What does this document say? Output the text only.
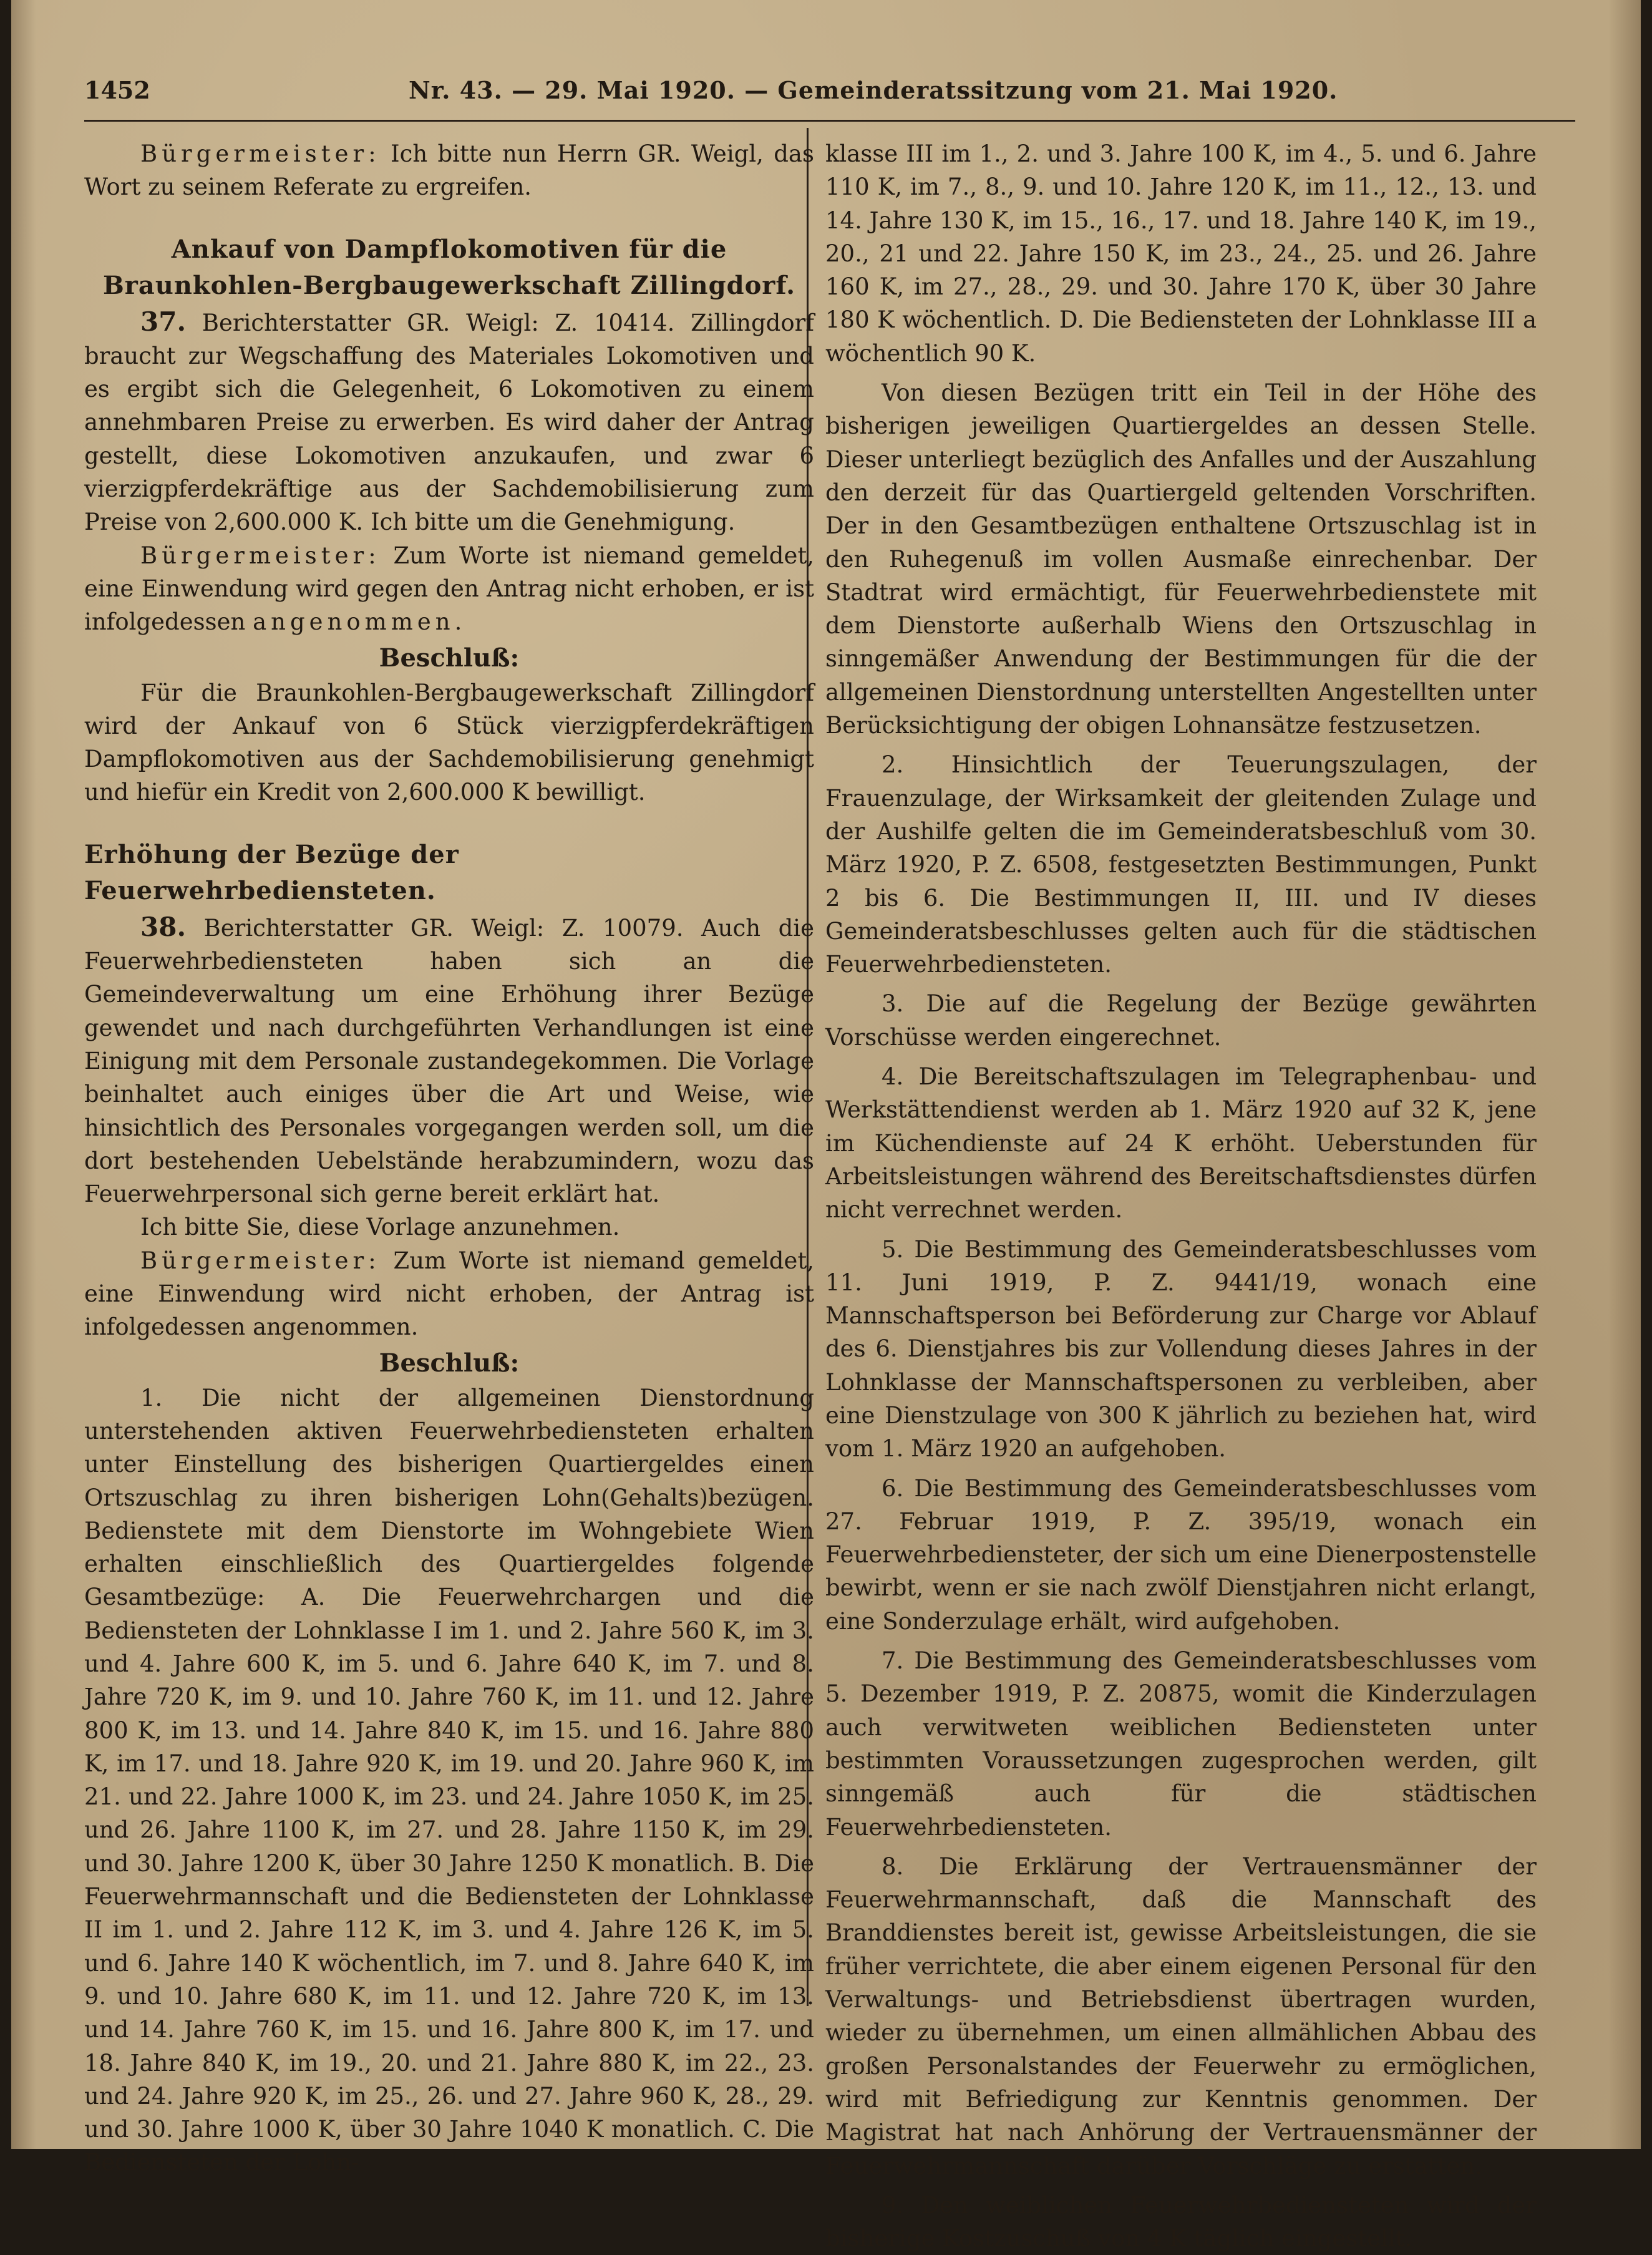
1452	Nr. 43. — 29. Mai 1920. — Gemeinderatssitzung vom 21. Mai 1920.

Bürgermeister: Ich bitte nun Herrn GR. Weigl, das Wort zu seinem Referate zu ergreifen.

Ankauf von Dampflokomotiven für die Braunkohlen-Bergbaugewerkschaft Zillingdorf.

37. Berichterstatter GR. Weigl: Z. 10414. Zillingdorf braucht zur Wegschaffung des Materiales Lokomotiven und es ergibt sich die Gelegenheit, 6 Lokomotiven zu einem annehmbaren Preise zu erwerben. Es wird daher der Antrag gestellt, diese Lokomotiven anzukaufen, und zwar 6 vierzigpferdekräftige aus der Sachdemobilisierung zum Preise von 2,600.000 K. Ich bitte um die Genehmigung.

Bürgermeister: Zum Worte ist niemand gemeldet, eine Einwendung wird gegen den Antrag nicht erhoben, er ist infolgedessen angenommen.

Beschluß:

Für die Braunkohlen-Bergbaugewerkschaft Zillingdorf wird der Ankauf von 6 Stück vierzigpferdekräftigen Dampflokomotiven aus der Sachdemobilisierung genehmigt und hiefür ein Kredit von 2,600.000 K bewilligt.

Erhöhung der Bezüge der Feuerwehrbediensteten.

38. Berichterstatter GR. Weigl: Z. 10079. Auch die Feuerwehrbediensteten haben sich an die Gemeindeverwaltung um eine Erhöhung ihrer Bezüge gewendet und nach durchgeführten Verhandlungen ist eine Einigung mit dem Personale zustandegekommen. Die Vorlage beinhaltet auch einiges über die Art und Weise, wie hinsichtlich des Personales vorgegangen werden soll, um die dort bestehenden Uebelstände herabzumindern, wozu das Feuerwehrpersonal sich gerne bereit erklärt hat.

Ich bitte Sie, diese Vorlage anzunehmen.

Bürgermeister: Zum Worte ist niemand gemeldet, eine Einwendung wird nicht erhoben, der Antrag ist infolgedessen angenommen.

Beschluß:

1. Die nicht der allgemeinen Dienstordnung unterstehenden aktiven Feuerwehrbediensteten erhalten unter Einstellung des bisherigen Quartiergeldes einen Ortszuschlag zu ihren bisherigen Lohn(Gehalts)bezügen. Bedienstete mit dem Dienstorte im Wohngebiete Wien erhalten einschließlich des Quartiergeldes folgende Gesamtbezüge: A. Die Feuerwehrchargen und die Bediensteten der Lohnklasse I im 1. und 2. Jahre 560 K, im 3. und 4. Jahre 600 K, im 5. und 6. Jahre 640 K, im 7. und 8. Jahre 720 K, im 9. und 10. Jahre 760 K, im 11. und 12. Jahre 800 K, im 13. und 14. Jahre 840 K, im 15. und 16. Jahre 880 K, im 17. und 18. Jahre 920 K, im 19. und 20. Jahre 960 K, im 21. und 22. Jahre 1000 K, im 23. und 24. Jahre 1050 K, im 25. und 26. Jahre 1100 K, im 27. und 28. Jahre 1150 K, im 29. und 30. Jahre 1200 K, über 30 Jahre 1250 K monatlich. B. Die Feuerwehrmannschaft und die Bediensteten der Lohnklasse II im 1. und 2. Jahre 112 K, im 3. und 4. Jahre 126 K, im 5. und 6. Jahre 140 K wöchentlich, im 7. und 8. Jahre 640 K, im 9. und 10. Jahre 680 K, im 11. und 12. Jahre 720 K, im 13. und 14. Jahre 760 K, im 15. und 16. Jahre 800 K, im 17. und 18. Jahre 840 K, im 19., 20. und 21. Jahre 880 K, im 22., 23. und 24. Jahre 920 K, im 25., 26. und 27. Jahre 960 K, 28., 29. und 30. Jahre 1000 K, über 30 Jahre 1040 K monatlich. C. Die Bediensteten der Lohn-

klasse III im 1., 2. und 3. Jahre 100 K, im 4., 5. und 6. Jahre 110 K, im 7., 8., 9. und 10. Jahre 120 K, im 11., 12., 13. und 14. Jahre 130 K, im 15., 16., 17. und 18. Jahre 140 K, im 19., 20., 21 und 22. Jahre 150 K, im 23., 24., 25. und 26. Jahre 160 K, im 27., 28., 29. und 30. Jahre 170 K, über 30 Jahre 180 K wöchentlich. D. Die Bediensteten der Lohnklasse III a wöchentlich 90 K.

Von diesen Bezügen tritt ein Teil in der Höhe des bisherigen jeweiligen Quartiergeldes an dessen Stelle. Dieser unterliegt bezüglich des Anfalles und der Auszahlung den derzeit für das Quartiergeld geltenden Vorschriften. Der in den Gesamtbezügen enthaltene Ortszuschlag ist in den Ruhegenuß im vollen Ausmaße einrechenbar. Der Stadtrat wird ermächtigt, für Feuerwehrbedienstete mit dem Dienstorte außerhalb Wiens den Ortszuschlag in sinngemäßer Anwendung der Bestimmungen für die der allgemeinen Dienstordnung unterstellten Angestellten unter Berücksichtigung der obigen Lohnansätze festzusetzen.

2. Hinsichtlich der Teuerungszulagen, der Frauenzulage, der Wirksamkeit der gleitenden Zulage und der Aushilfe gelten die im Gemeinderatsbeschluß vom 30. März 1920, P. Z. 6508, festgesetzten Bestimmungen, Punkt 2 bis 6. Die Bestimmungen II, III. und IV dieses Gemeinderatsbeschlusses gelten auch für die städtischen Feuerwehrbediensteten.

3. Die auf die Regelung der Bezüge gewährten Vorschüsse werden eingerechnet.

4. Die Bereitschaftszulagen im Telegraphenbau- und Werkstättendienst werden ab 1. März 1920 auf 32 K, jene im Küchendienste auf 24 K erhöht. Ueberstunden für Arbeitsleistungen während des Bereitschaftsdienstes dürfen nicht verrechnet werden.

5. Die Bestimmung des Gemeinderatsbeschlusses vom 11. Juni 1919, P. Z. 9441/19, wonach eine Mannschaftsperson bei Beförderung zur Charge vor Ablauf des 6. Dienstjahres bis zur Vollendung dieses Jahres in der Lohnklasse der Mannschaftspersonen zu verbleiben, aber eine Dienstzulage von 300 K jährlich zu beziehen hat, wird vom 1. März 1920 an aufgehoben.

6. Die Bestimmung des Gemeinderatsbeschlusses vom 27. Februar 1919, P. Z. 395/19, wonach ein Feuerwehrbediensteter, der sich um eine Dienerpostenstelle bewirbt, wenn er sie nach zwölf Dienstjahren nicht erlangt, eine Sonderzulage erhält, wird aufgehoben.

7. Die Bestimmung des Gemeinderatsbeschlusses vom 5. Dezember 1919, P. Z. 20875, womit die Kinderzulagen auch verwitweten weiblichen Bediensteten unter bestimmten Voraussetzungen zugesprochen werden, gilt sinngemäß auch für die städtischen Feuerwehrbediensteten.

8. Die Erklärung der Vertrauensmänner der Feuerwehrmannschaft, daß die Mannschaft des Branddienstes bereit ist, gewisse Arbeitsleistungen, die sie früher verrichtete, die aber einem eigenen Personal für den Verwaltungs- und Betriebsdienst übertragen wurden, wieder zu übernehmen, um einen allmählichen Abbau des großen Personalstandes der Feuerwehr zu ermöglichen, wird mit Befriedigung zur Kenntnis genommen. Der Magistrat hat nach Anhörung der Vertrauensmänner der Feuerwehrmannschaft darüber Vorschläge zu erstatten.

9. Den weiblichen Feuerwehrbediensteten wird der bisherige Kostzuschuß von 4 K täglich eingestellt.
